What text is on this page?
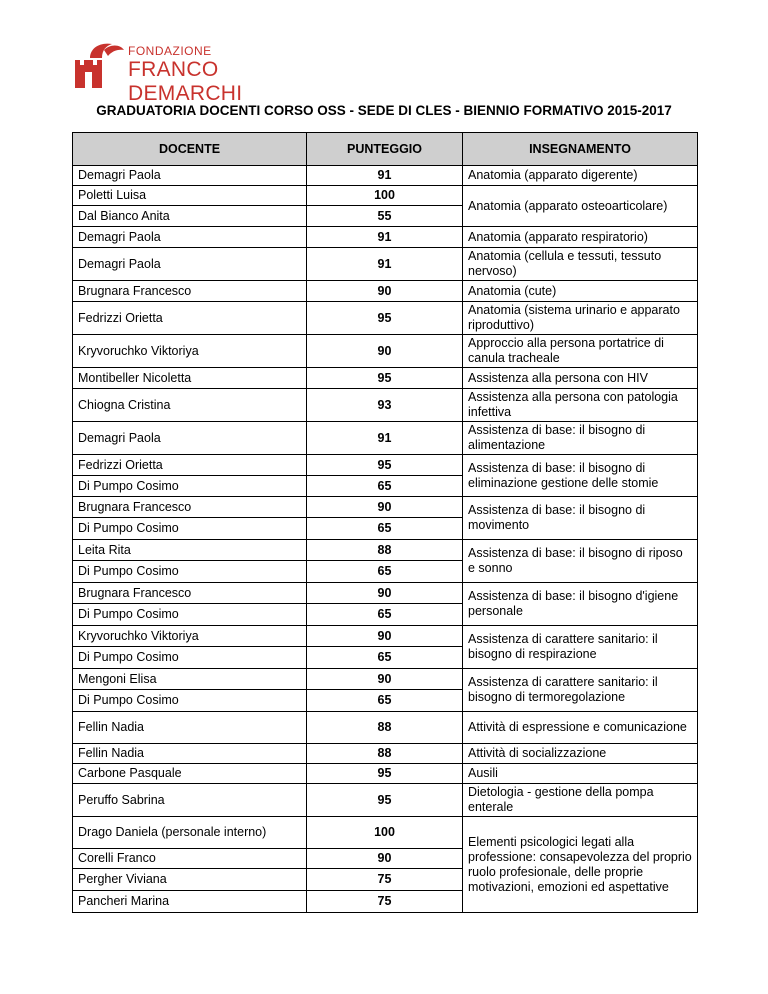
FONDAZIONE
FRANCO DEMARCHI
GRADUATORIA DOCENTI CORSO OSS - SEDE DI CLES - BIENNIO FORMATIVO 2015-2017
DOCENTE	PUNTEGGIO	INSEGNAMENTO
Demagri Paola	91	Anatomia (apparato digerente)
Poletti Luisa	100	Anatomia (apparato osteoarticolare)
Dal Bianco Anita	55	
Demagri Paola	91	Anatomia (apparato respiratorio)
Demagri Paola	91	Anatomia (cellula e tessuti, tessuto nervoso)
Brugnara Francesco	90	Anatomia (cute)
Fedrizzi Orietta	95	Anatomia (sistema urinario e apparato riproduttivo)
Kryvoruchko Viktoriya	90	Approccio alla persona portatrice di canula tracheale
Montibeller Nicoletta	95	Assistenza alla persona con HIV
Chiogna Cristina	93	Assistenza alla persona con patologia infettiva
Demagri Paola	91	Assistenza di base: il bisogno di alimentazione
Fedrizzi Orietta	95	Assistenza di base: il bisogno di eliminazione gestione delle stomie
Di Pumpo Cosimo	65	
Brugnara Francesco	90	Assistenza di base: il bisogno di movimento
Di Pumpo Cosimo	65	
Leita Rita	88	Assistenza di base: il bisogno di riposo e sonno
Di Pumpo Cosimo	65	
Brugnara Francesco	90	Assistenza di base: il bisogno d'igiene personale
Di Pumpo Cosimo	65	
Kryvoruchko Viktoriya	90	Assistenza di carattere sanitario: il bisogno di respirazione
Di Pumpo Cosimo	65	
Mengoni Elisa	90	Assistenza di carattere sanitario: il bisogno di termoregolazione
Di Pumpo Cosimo	65	
Fellin Nadia	88	Attività di espressione e comunicazione
Fellin Nadia	88	Attività di socializzazione
Carbone Pasquale	95	Ausili
Peruffo Sabrina	95	Dietologia - gestione della pompa enterale
Drago Daniela (personale interno)	100	Elementi psicologici legati alla professione: consapevolezza del proprio ruolo profesionale, delle proprie motivazioni, emozioni ed aspettative
Corelli Franco	90	
Pergher Viviana	75	
Pancheri Marina	75	
